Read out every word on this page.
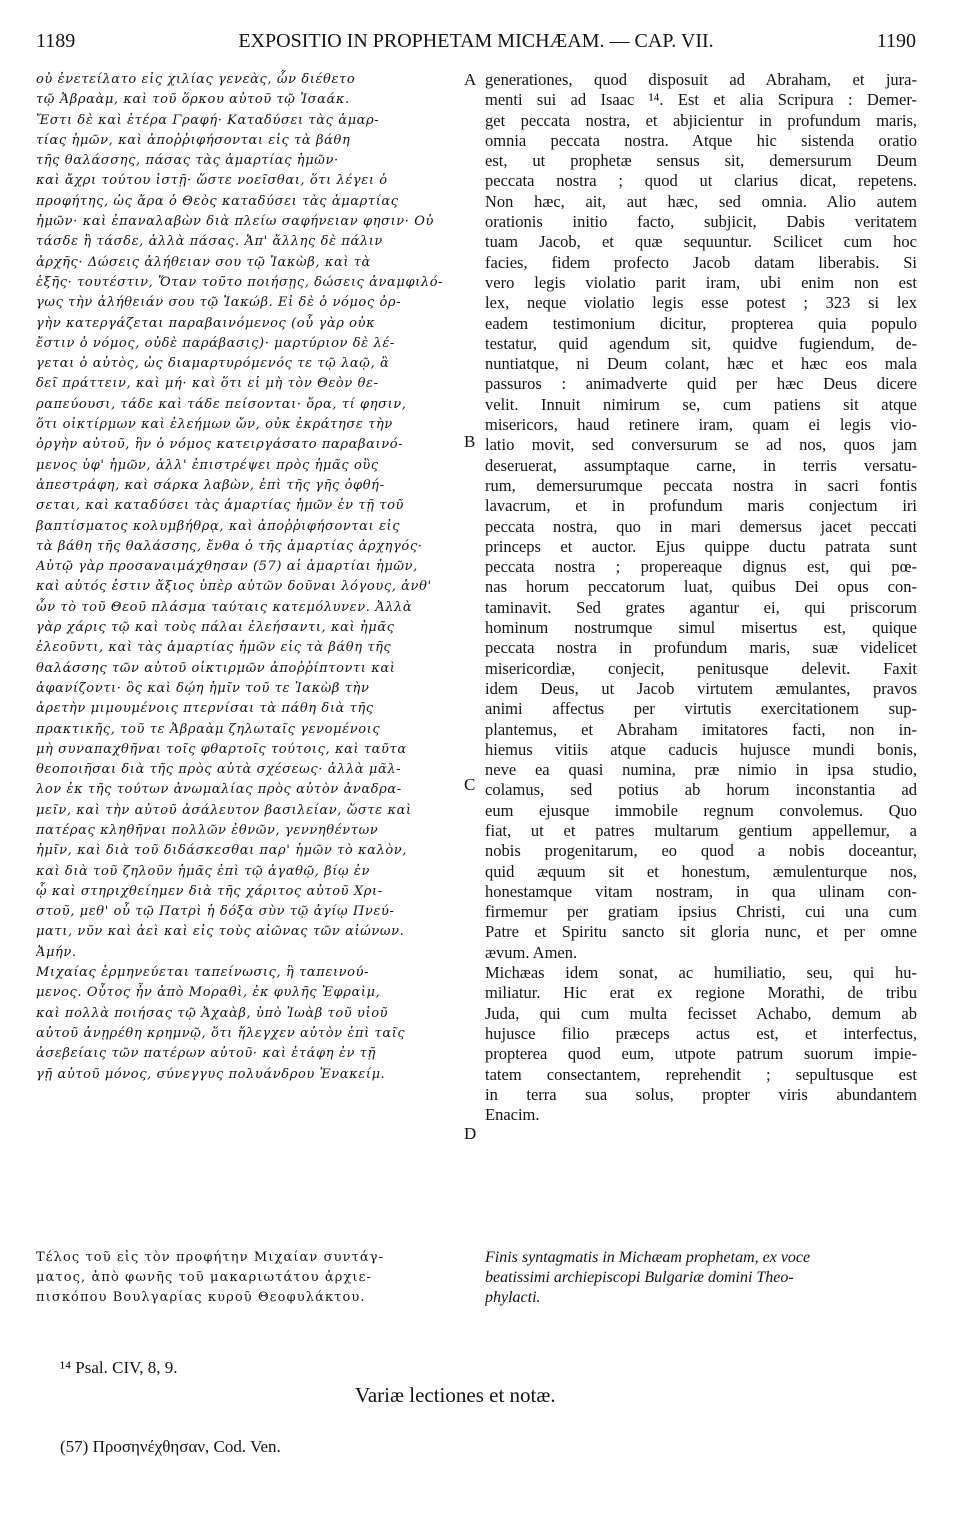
1189	EXPOSITIO IN PROPHETAM MICHÆAM. — CAP. VII.	1190
οὐ ἐνετείλατο εἰς χιλίας γενεὰς, ὧν διέθετο
τῷ Ἀβραὰμ, καὶ τοῦ ὅρκου αὐτοῦ τῷ Ἰσαάκ.
Ἔστι δὲ καὶ ἑτέρα Γραφή· Καταδύσει τὰς ἁμαρ-
τίας ἡμῶν, καὶ ἀποῤῥιφήσονται εἰς τὰ βάθη
τῆς θαλάσσης, πάσας τὰς ἁμαρτίας ἡμῶν·
καὶ ἄχρι τούτου ἱστῇ· ὥστε νοεῖσθαι, ὅτι λέγει ὁ
προφήτης, ὡς ἄρα ὁ Θεὸς καταδύσει τὰς ἁμαρτίας
ἡμῶν· καὶ ἐπαναλαβὼν διὰ πλείω σαφήνειαν φησιν· Οὐ
τάσδε ἢ τάσδε, ἀλλὰ πάσας. Ἀπ' ἄλλης δὲ πάλιν
ἀρχῆς· Δώσεις ἀλήθειαν σου τῷ Ἰακὼβ, καὶ τὰ
ἑξῆς· τουτέστιν, Ὅταν τοῦτο ποιήσῃς, δώσεις ἀναμφιλό-
γως τὴν ἀλήθειάν σου τῷ Ἰακώβ. Εἰ δὲ ὁ νόμος ὀρ-
γὴν κατεργάζεται παραβαινόμενος (οὗ γὰρ οὐκ
ἔστιν ὁ νόμος, οὐδὲ παράβασις)· μαρτύριον δὲ λέ-
γεται ὁ αὐτὸς, ὡς διαμαρτυρόμενός τε τῷ λαῷ, ἃ
δεῖ πράττειν, καὶ μή· καὶ ὅτι εἰ μὴ τὸν Θεὸν θε-
ραπεύουσι, τάδε καὶ τάδε πείσονται· ὅρα, τί φησιν,
ὅτι οἰκτίρμων καὶ ἐλεήμων ὤν, οὐκ ἐκράτησε τὴν
ὀργὴν αὐτοῦ, ἣν ὁ νόμος κατειργάσατο παραβαινό-
μενος ὑφ' ἡμῶν, ἀλλ' ἐπιστρέψει πρὸς ἡμᾶς οὓς
ἀπεστράφη, καὶ σάρκα λαβὼν, ἐπὶ τῆς γῆς ὀφθή-
σεται, καὶ καταδύσει τὰς ἁμαρτίας ἡμῶν ἐν τῇ τοῦ
βαπτίσματος κολυμβήθρᾳ, καὶ ἀποῤῥιφήσονται εἰς
τὰ βάθη τῆς θαλάσσης, ἔνθα ὁ τῆς ἁμαρτίας ἀρχηγός·
Αὐτῷ γὰρ προσαναιμάχθησαν (57) αἱ ἁμαρτίαι ἡμῶν,
καὶ αὐτός ἐστιν ἄξιος ὑπὲρ αὐτῶν δοῦναι λόγους, ἀνθ'
ὧν τὸ τοῦ Θεοῦ πλάσμα ταύταις κατεμόλυνεν. Ἀλλὰ
γὰρ χάρις τῷ καὶ τοὺς πάλαι ἐλεήσαντι, καὶ ἡμᾶς
ἐλεοῦντι, καὶ τὰς ἁμαρτίας ἡμῶν εἰς τὰ βάθη τῆς
θαλάσσης τῶν αὐτοῦ οἰκτιρμῶν ἀποῤῥίπτοντι καὶ
ἀφανίζοντι· ὃς καὶ δῴη ἡμῖν τοῦ τε Ἰακὼβ τὴν
ἀρετὴν μιμουμένοις πτερνίσαι τὰ πάθη διὰ τῆς
πρακτικῆς, τοῦ τε Ἀβραὰμ ζηλωταῖς γενομένοις
μὴ συναπαχθῆναι τοῖς φθαρτοῖς τούτοις, καὶ ταῦτα
θεοποιῆσαι διὰ τῆς πρὸς αὐτὰ σχέσεως· ἀλλὰ μᾶλ-
λον ἐκ τῆς τούτων ἀνωμαλίας πρὸς αὐτὸν ἀναδρα-
μεῖν, καὶ τὴν αὐτοῦ ἀσάλευτον βασιλείαν, ὥστε καὶ
πατέρας κληθῆναι πολλῶν ἐθνῶν, γεννηθέντων
ἡμῖν, καὶ διὰ τοῦ διδάσκεσθαι παρ' ἡμῶν τὸ καλὸν,
καὶ διὰ τοῦ ζηλοῦν ἡμᾶς ἐπὶ τῷ ἀγαθῷ, βίῳ ἐν
ᾧ καὶ στηριχθείημεν διὰ τῆς χάριτος αὐτοῦ Χρι-
στοῦ, μεθ' οὗ τῷ Πατρὶ ἡ δόξα σὺν τῷ ἁγίῳ Πνεύ-
ματι, νῦν καὶ ἀεὶ καὶ εἰς τοὺς αἰῶνας τῶν αἰώνων.
Ἀμήν.
Μιχαίας ἑρμηνεύεται ταπείνωσις, ἢ ταπεινού-
μενος. Οὗτος ἦν ἀπὸ Μοραθὶ, ἐκ φυλῆς Ἐφραὶμ,
καὶ πολλὰ ποιήσας τῷ Ἀχαὰβ, ὑπὸ Ἰωὰβ τοῦ υἱοῦ
αὐτοῦ ἀνῃρέθη κρημνῷ, ὅτι ἤλεγχεν αὐτὸν ἐπὶ ταῖς
ἀσεβείαις τῶν πατέρων αὐτοῦ· καὶ ἐτάφη ἐν τῇ
γῇ αὐτοῦ μόνος, σύνεγγυς πολυάνδρου Ἐνακείμ.
generationes, quod disposuit ad Abraham, et jura-
menti sui ad Isaac ¹⁴. Est et alia Scripura : Demer-
get peccata nostra, et abjicientur in profundum maris,
omnia peccata nostra. Atque hic sistenda oratio
est, ut prophetæ sensus sit, demersurum Deum
peccata nostra ; quod ut clarius dicat, repetens.
Non hæc, ait, aut hæc, sed omnia. Alio autem
orationis initio facto, subjicit, Dabis veritatem
tuam Jacob, et quæ sequuntur. Scilicet cum hoc
facies, fidem profecto Jacob datam liberabis. Si
vero legis violatio parit iram, ubi enim non est
lex, neque violatio legis esse potest ; 323 si lex
eadem testimonium dicitur, propterea quia populo
testatur, quid agendum sit, quidve fugiendum, de-
nuntiatque, ni Deum colant, hæc et hæc eos mala
passuros : animadverte quid per hæc Deus dicere
velit. Innuit nimirum se, cum patiens sit atque
misericors, haud retinere iram, quam ei legis vio-
latio movit, sed conversurum se ad nos, quos jam
deseruerat, assumptaque carne, in terris versatu-
rum, demersurumque peccata nostra in sacri fontis
lavacrum, et in profundum maris conjectum iri
peccata nostra, quo in mari demersus jacet peccati
princeps et auctor. Ejus quippe ductu patrata sunt
peccata nostra ; propereaque dignus est, qui pœ-
nas horum peccatorum luat, quibus Dei opus con-
taminavit. Sed grates agantur ei, qui priscorum
hominum nostrumque simul misertus est, quique
peccata nostra in profundum maris, suæ videlicet
misericordiæ, conjecit, penitusque delevit. Faxit
idem Deus, ut Jacob virtutem æmulantes, pravos
animi affectus per virtutis exercitationem sup-
plantemus, et Abraham imitatores facti, non in-
hiemus vitiis atque caducis hujusce mundi bonis,
neve ea quasi numina, præ nimio in ipsa studio,
colamus, sed potius ab horum inconstantia ad
eum ejusque immobile regnum convolemus. Quo
fiat, ut et patres multarum gentium appellemur, a
nobis progenitarum, eo quod a nobis doceantur,
quid æquum sit et honestum, æmulenturque nos,
honestamque vitam nostram, in qua ulinam con-
firmemur per gratiam ipsius Christi, cui una cum
Patre et Spiritu sancto sit gloria nunc, et per omne
ævum. Amen.
Michæas idem sonat, ac humiliatio, seu, qui hu-
miliatur. Hic erat ex regione Morathi, de tribu
Juda, qui cum multa fecisset Achabo, demum ab
hujusce filio præceps actus est, et interfectus,
propterea quod eum, utpote patrum suorum impie-
tatem consectantem, reprehendit ; sepultusque est
in terra sua solus, propter viris abundantem
Enacim.
A
B
C
D
Τέλος τοῦ εἰς τὸν προφήτην Μιχαίαν συντάγ-
ματος, ἀπὸ φωνῆς τοῦ μακαριωτάτου ἀρχιε-
πισκόπου Βουλγαρίας κυροῦ Θεοφυλάκτου.
Finis syntagmatis in Michæam prophetam, ex voce
beatissimi archiepiscopi Bulgariæ domini Theo-
phylacti.
¹⁴ Psal. CIV, 8, 9.
Variæ lectiones et notæ.
(57) Προσηνέχθησαν, Cod. Ven.
